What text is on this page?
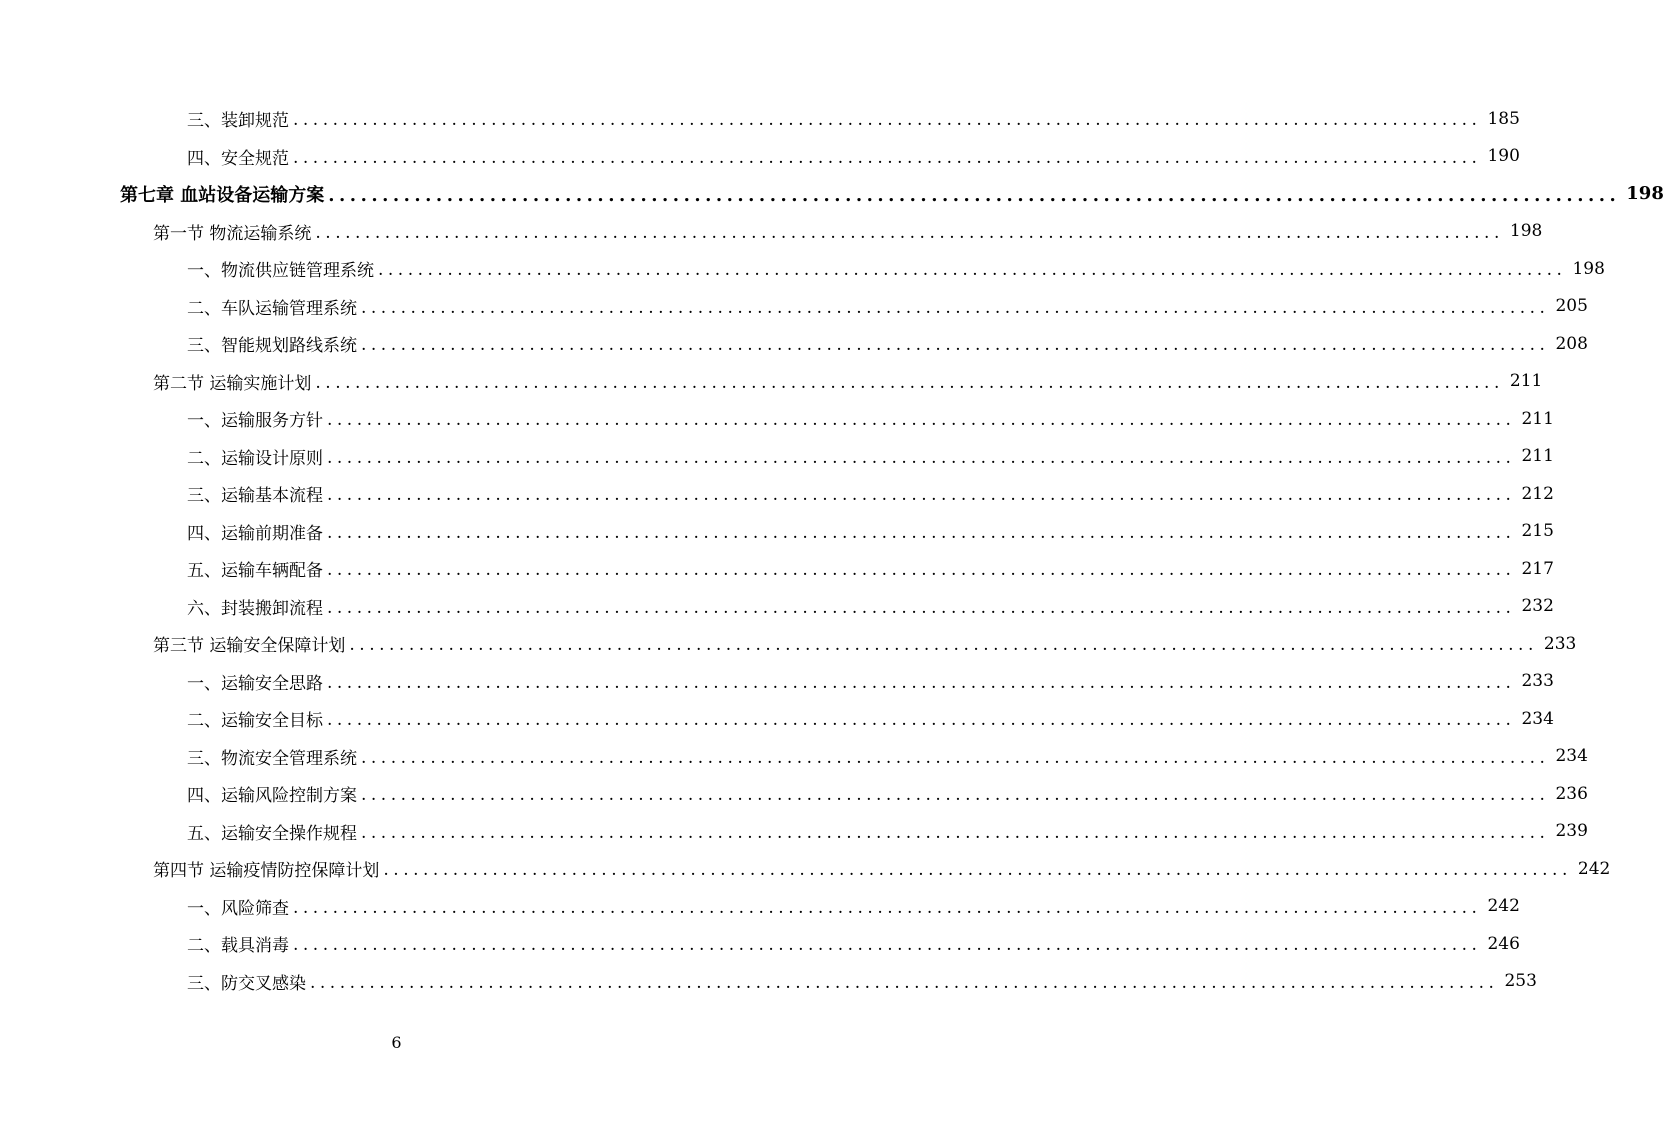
三、装卸规范 ........................................................................................................................ 185
四、安全规范 ........................................................................................................................ 190
第七章 血站设备运输方案 ........................................................................................................................ 198
第一节 物流运输系统 ........................................................................................................................ 198
一、物流供应链管理系统 ........................................................................................................................ 198
二、车队运输管理系统 ........................................................................................................................ 205
三、智能规划路线系统 ........................................................................................................................ 208
第二节 运输实施计划 ........................................................................................................................ 211
一、运输服务方针 ........................................................................................................................ 211
二、运输设计原则 ........................................................................................................................ 211
三、运输基本流程 ........................................................................................................................ 212
四、运输前期准备 ........................................................................................................................ 215
五、运输车辆配备 ........................................................................................................................ 217
六、封装搬卸流程 ........................................................................................................................ 232
第三节 运输安全保障计划 ........................................................................................................................ 233
一、运输安全思路 ........................................................................................................................ 233
二、运输安全目标 ........................................................................................................................ 234
三、物流安全管理系统 ........................................................................................................................ 234
四、运输风险控制方案 ........................................................................................................................ 236
五、运输安全操作规程 ........................................................................................................................ 239
第四节 运输疫情防控保障计划 ........................................................................................................................ 242
一、风险筛查 ........................................................................................................................ 242
二、载具消毒 ........................................................................................................................ 246
三、防交叉感染 ........................................................................................................................ 253
6
